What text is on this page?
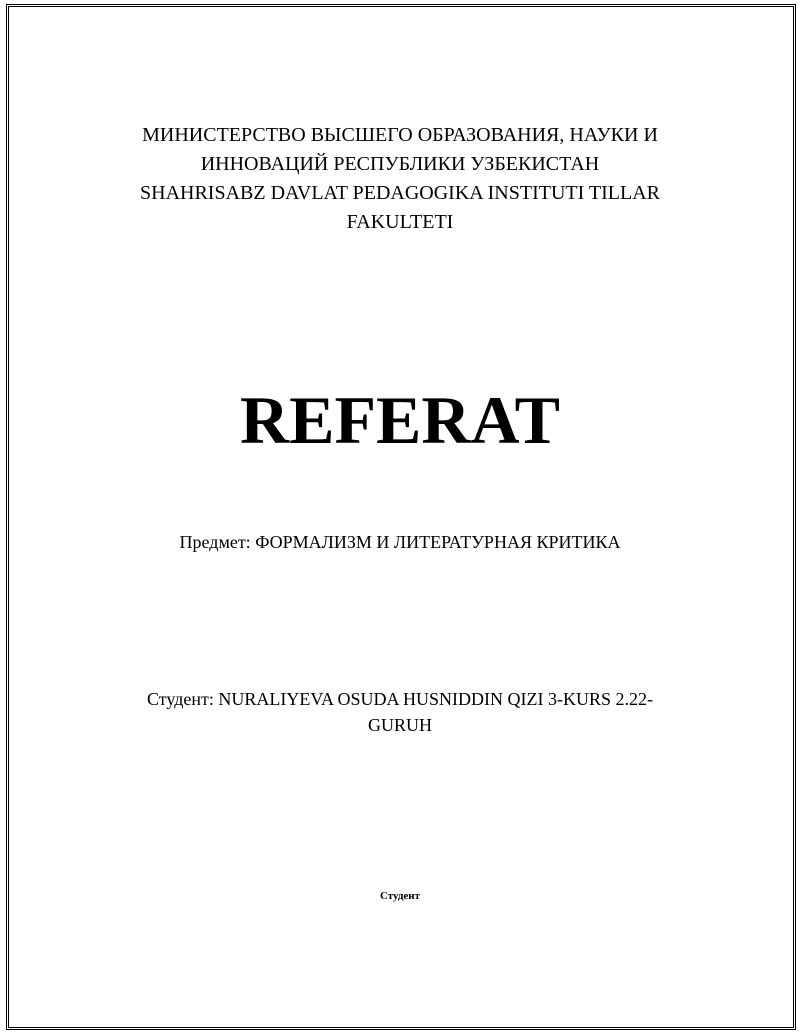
МИНИСТЕРСТВО ВЫСШЕГО ОБРАЗОВАНИЯ, НАУКИ И
ИННОВАЦИЙ РЕСПУБЛИКИ УЗБЕКИСТАН
SHAHRISABZ DAVLAT PEDAGOGIKA INSTITUTI TILLAR
FAKULTETI
REFERAT
Предмет: ФОРМАЛИЗМ И ЛИТЕРАТУРНАЯ КРИТИКА
Студент: NURALIYEVA OSUDA HUSNIDDIN QIZI 3-KURS 2.22-
GURUH
Студент
